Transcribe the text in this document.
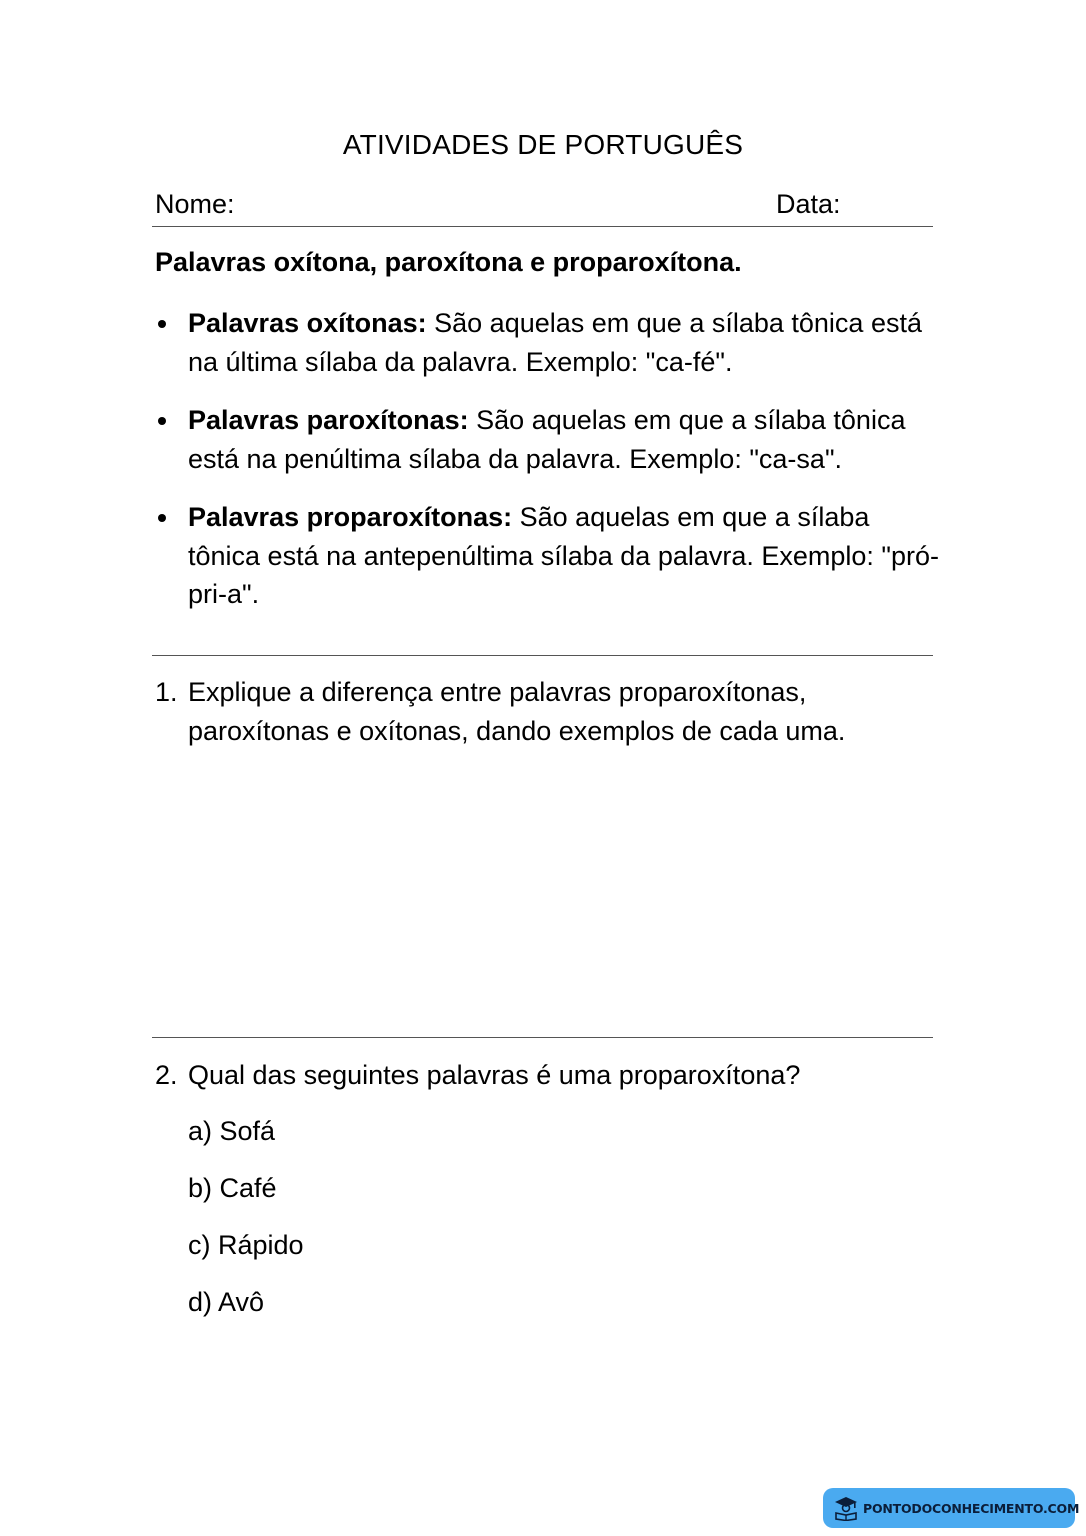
ATIVIDADES DE PORTUGUÊS
Nome:	Data:
Palavras oxítona, paroxítona e proparoxítona.
Palavras oxítonas: São aquelas em que a sílaba tônica está na última sílaba da palavra. Exemplo: "ca-fé".
Palavras paroxítonas: São aquelas em que a sílaba tônica está na penúltima sílaba da palavra. Exemplo: "ca-sa".
Palavras proparoxítonas: São aquelas em que a sílaba tônica está na antepenúltima sílaba da palavra. Exemplo: "pró-pri-a".
1. Explique a diferença entre palavras proparoxítonas, paroxítonas e oxítonas, dando exemplos de cada uma.
2. Qual das seguintes palavras é uma proparoxítona?
a) Sofá
b) Café
c) Rápido
d) Avô
PONTODOCONHECIMENTO.COM
